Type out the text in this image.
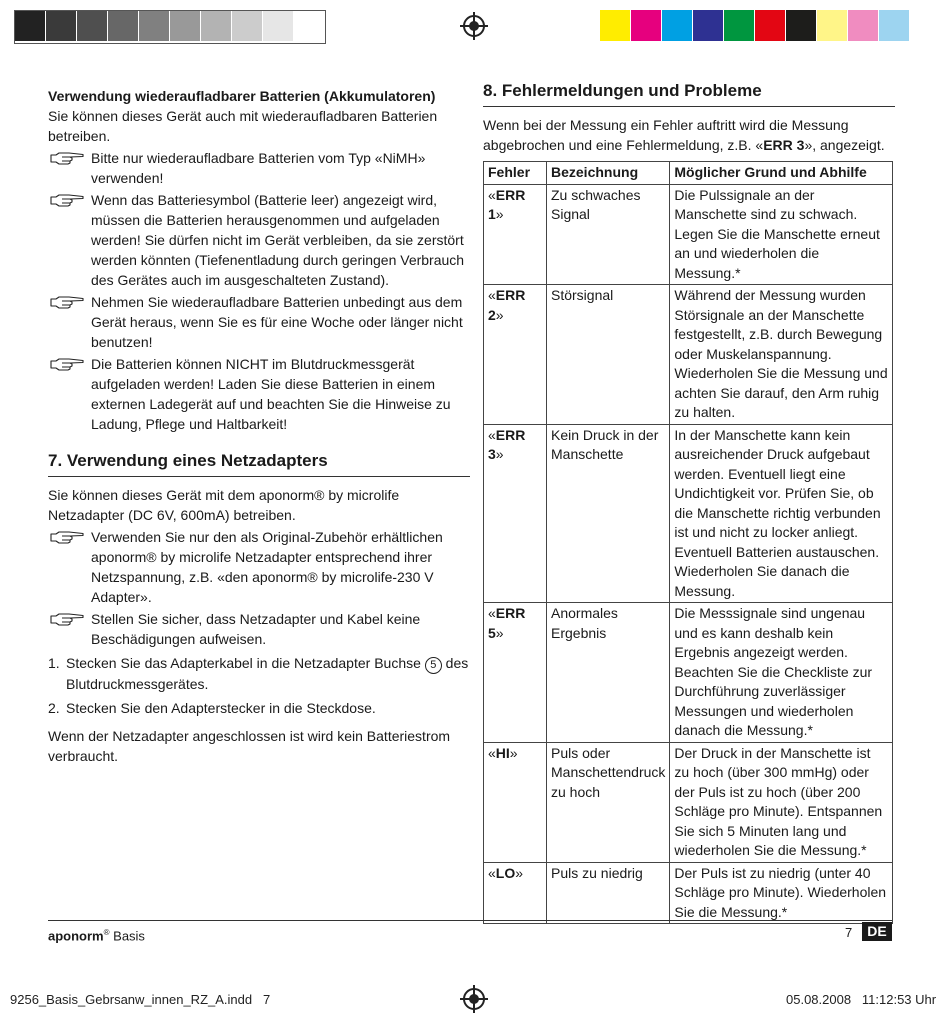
Verwendung wiederaufladbarer Batterien (Akkumulatoren)

Sie können dieses Gerät auch mit wiederaufladbaren Batterien betreiben.

Bitte nur wiederaufladbare Batterien vom Typ «NiMH» verwenden!
Wenn das Batteriesymbol (Batterie leer) angezeigt wird, müssen die Batterien herausgenommen und aufgeladen werden! Sie dürfen nicht im Gerät verbleiben, da sie zerstört werden könnten (Tiefenentladung durch geringen Verbrauch des Gerätes auch im ausgeschalteten Zustand).
Nehmen Sie wiederaufladbare Batterien unbedingt aus dem Gerät heraus, wenn Sie es für eine Woche oder länger nicht benutzen!
Die Batterien können NICHT im Blutdruckmessgerät aufgeladen werden! Laden Sie diese Batterien in einem externen Ladegerät auf und beachten Sie die Hinweise zu Ladung, Pflege und Haltbarkeit!
7. Verwendung eines Netzadapters

Sie können dieses Gerät mit dem aponorm® by microlife Netzadapter (DC 6V, 600mA) betreiben.

Verwenden Sie nur den als Original-Zubehör erhältlichen aponorm® by microlife Netzadapter entsprechend ihrer Netzspannung, z.B. «den aponorm® by microlife-230 V Adapter».
Stellen Sie sicher, dass Netzadapter und Kabel keine Beschädigungen aufweisen.
1. Stecken Sie das Adapterkabel in die Netzadapter Buchse 5 des Blutdruckmessgerätes.
2. Stecken Sie den Adapterstecker in die Steckdose.

Wenn der Netzadapter angeschlossen ist wird kein Batteriestrom verbraucht.

8. Fehlermeldungen und Probleme

Wenn bei der Messung ein Fehler auftritt wird die Messung abgebrochen und eine Fehlermeldung, z.B. «ERR 3», angezeigt.

Fehler	Bezeichnung	Möglicher Grund und Abhilfe
«ERR 1»	Zu schwaches Signal	Die Pulssignale an der Manschette sind zu schwach. Legen Sie die Manschette erneut an und wiederholen die Messung.*
«ERR 2»	Störsignal	Während der Messung wurden Störsignale an der Manschette festgestellt, z.B. durch Bewegung oder Muskelanspannung. Wiederholen Sie die Messung und achten Sie darauf, den Arm ruhig zu halten.
«ERR 3»	Kein Druck in der Manschette	In der Manschette kann kein ausreichender Druck aufgebaut werden. Eventuell liegt eine Undichtigkeit vor. Prüfen Sie, ob die Manschette richtig verbunden ist und nicht zu locker anliegt. Eventuell Batterien austauschen. Wiederholen Sie danach die Messung.
«ERR 5»	Anormales Ergebnis	Die Messsignale sind ungenau und es kann deshalb kein Ergebnis angezeigt werden. Beachten Sie die Checkliste zur Durchführung zuverlässiger Messungen und wiederholen danach die Messung.*
«HI»	Puls oder Manschettendruck zu hoch	Der Druck in der Manschette ist zu hoch (über 300 mmHg) oder der Puls ist zu hoch (über 200 Schläge pro Minute). Entspannen Sie sich 5 Minuten lang und wiederholen Sie die Messung.*
«LO»	Puls zu niedrig	Der Puls ist zu niedrig (unter 40 Schläge pro Minute). Wiederholen Sie die Messung.*
aponorm® Basis	7	DE
9256_Basis_Gebrsanw_innen_RZ_A.indd   7	05.08.2008   11:12:53 Uhr
